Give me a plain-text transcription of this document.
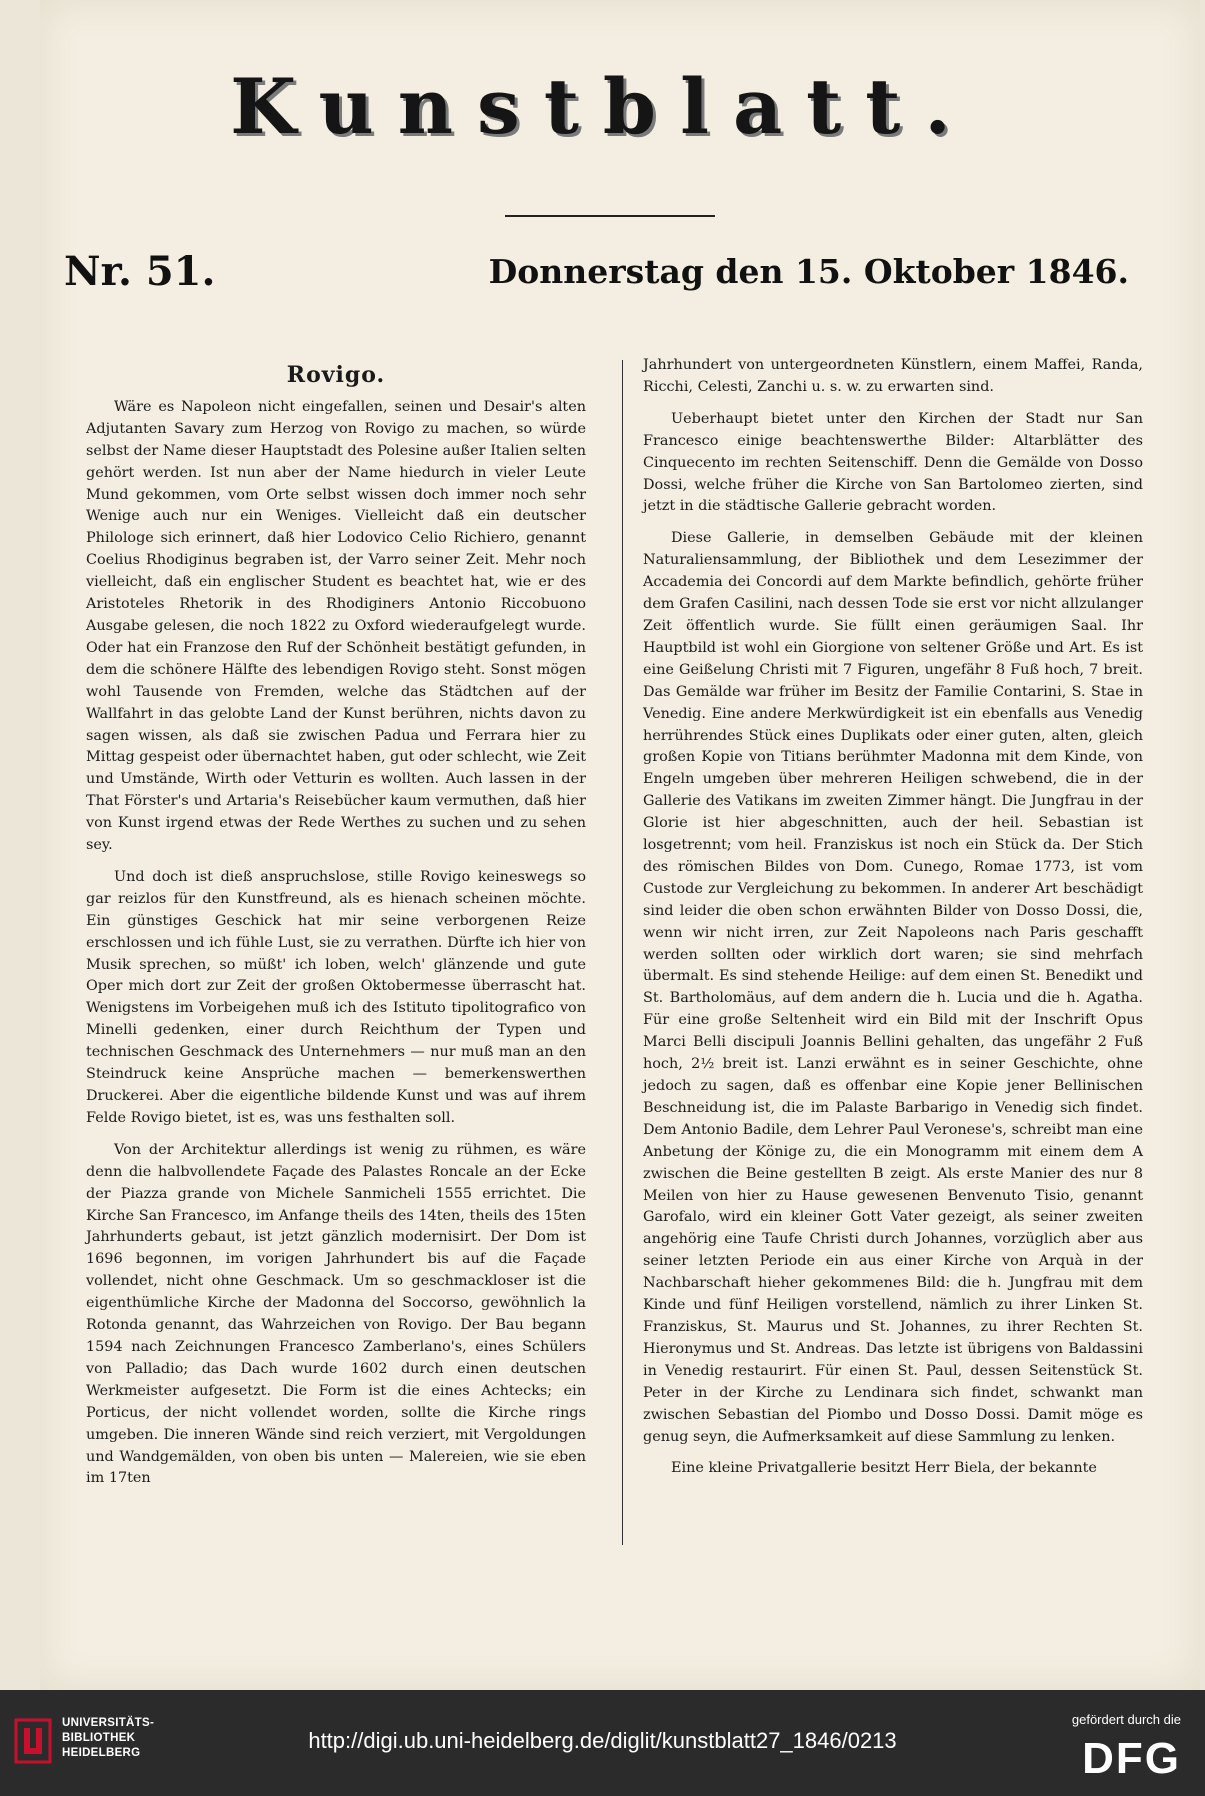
Kunstblatt.
Nr. 51.	Donnerstag den 15. Oktober 1846.
Rovigo.

Wäre es Napoleon nicht eingefallen, seinen und Desair's alten Adjutanten Savary zum Herzog von Rovigo zu machen, so würde selbst der Name dieser Hauptstadt des Polesine außer Italien selten gehört werden. Ist nun aber der Name hiedurch in vieler Leute Mund gekommen, vom Orte selbst wissen doch immer noch sehr Wenige auch nur ein Weniges. Vielleicht daß ein deutscher Philologe sich erinnert, daß hier Lodovico Celio Richiero, genannt Coelius Rhodiginus begraben ist, der Varro seiner Zeit. Mehr noch vielleicht, daß ein englischer Student es beachtet hat, wie er des Aristoteles Rhetorik in des Rhodiginers Antonio Riccobuono Ausgabe gelesen, die noch 1822 zu Oxford wiederaufgelegt wurde. Oder hat ein Franzose den Ruf der Schönheit bestätigt gefunden, in dem die schönere Hälfte des lebendigen Rovigo steht. Sonst mögen wohl Tausende von Fremden, welche das Städtchen auf der Wallfahrt in das gelobte Land der Kunst berühren, nichts davon zu sagen wissen, als daß sie zwischen Padua und Ferrara hier zu Mittag gespeist oder übernachtet haben, gut oder schlecht, wie Zeit und Umstände, Wirth oder Vetturin es wollten. Auch lassen in der That Förster's und Artaria's Reisebücher kaum vermuthen, daß hier von Kunst irgend etwas der Rede Werthes zu suchen und zu sehen sey.

Und doch ist dieß anspruchslose, stille Rovigo keineswegs so gar reizlos für den Kunstfreund, als es hienach scheinen möchte. Ein günstiges Geschick hat mir seine verborgenen Reize erschlossen und ich fühle Lust, sie zu verrathen. Dürfte ich hier von Musik sprechen, so müßt' ich loben, welch' glänzende und gute Oper mich dort zur Zeit der großen Oktobermesse überrascht hat. Wenigstens im Vorbeigehen muß ich des Istituto tipolitografico von Minelli gedenken, einer durch Reichthum der Typen und technischen Geschmack des Unternehmers — nur muß man an den Steindruck keine Ansprüche machen — bemerkenswerthen Druckerei. Aber die eigentliche bildende Kunst und was auf ihrem Felde Rovigo bietet, ist es, was uns festhalten soll.

Von der Architektur allerdings ist wenig zu rühmen, es wäre denn die halbvollendete Façade des Palastes Roncale an der Ecke der Piazza grande von Michele Sanmicheli 1555 errichtet. Die Kirche San Francesco, im Anfange theils des 14ten, theils des 15ten Jahrhunderts gebaut, ist jetzt gänzlich modernisirt. Der Dom ist 1696 begonnen, im vorigen Jahrhundert bis auf die Façade vollendet, nicht ohne Geschmack. Um so geschmackloser ist die eigenthümliche Kirche der Madonna del Soccorso, gewöhnlich la Rotonda genannt, das Wahrzeichen von Rovigo. Der Bau begann 1594 nach Zeichnungen Francesco Zamberlano's, eines Schülers von Palladio; das Dach wurde 1602 durch einen deutschen Werkmeister aufgesetzt. Die Form ist die eines Achtecks; ein Porticus, der nicht vollendet worden, sollte die Kirche rings umgeben. Die inneren Wände sind reich verziert, mit Vergoldungen und Wandgemälden, von oben bis unten — Malereien, wie sie eben im 17ten

Jahrhundert von untergeordneten Künstlern, einem Maffei, Randa, Ricchi, Celesti, Zanchi u. s. w. zu erwarten sind.

Ueberhaupt bietet unter den Kirchen der Stadt nur San Francesco einige beachtenswerthe Bilder: Altarblätter des Cinquecento im rechten Seitenschiff. Denn die Gemälde von Dosso Dossi, welche früher die Kirche von San Bartolomeo zierten, sind jetzt in die städtische Gallerie gebracht worden.

Diese Gallerie, in demselben Gebäude mit der kleinen Naturaliensammlung, der Bibliothek und dem Lesezimmer der Accademia dei Concordi auf dem Markte befindlich, gehörte früher dem Grafen Casilini, nach dessen Tode sie erst vor nicht allzulanger Zeit öffentlich wurde. Sie füllt einen geräumigen Saal. Ihr Hauptbild ist wohl ein Giorgione von seltener Größe und Art. Es ist eine Geißelung Christi mit 7 Figuren, ungefähr 8 Fuß hoch, 7 breit. Das Gemälde war früher im Besitz der Familie Contarini, S. Stae in Venedig. Eine andere Merkwürdigkeit ist ein ebenfalls aus Venedig herrührendes Stück eines Duplikats oder einer guten, alten, gleich großen Kopie von Titians berühmter Madonna mit dem Kinde, von Engeln umgeben über mehreren Heiligen schwebend, die in der Gallerie des Vatikans im zweiten Zimmer hängt. Die Jungfrau in der Glorie ist hier abgeschnitten, auch der heil. Sebastian ist losgetrennt; vom heil. Franziskus ist noch ein Stück da. Der Stich des römischen Bildes von Dom. Cunego, Romae 1773, ist vom Custode zur Vergleichung zu bekommen. In anderer Art beschädigt sind leider die oben schon erwähnten Bilder von Dosso Dossi, die, wenn wir nicht irren, zur Zeit Napoleons nach Paris geschafft werden sollten oder wirklich dort waren; sie sind mehrfach übermalt. Es sind stehende Heilige: auf dem einen St. Benedikt und St. Bartholomäus, auf dem andern die h. Lucia und die h. Agatha. Für eine große Seltenheit wird ein Bild mit der Inschrift Opus Marci Belli discipuli Joannis Bellini gehalten, das ungefähr 2 Fuß hoch, 2½ breit ist. Lanzi erwähnt es in seiner Geschichte, ohne jedoch zu sagen, daß es offenbar eine Kopie jener Bellinischen Beschneidung ist, die im Palaste Barbarigo in Venedig sich findet. Dem Antonio Badile, dem Lehrer Paul Veronese's, schreibt man eine Anbetung der Könige zu, die ein Monogramm mit einem dem A zwischen die Beine gestellten B zeigt. Als erste Manier des nur 8 Meilen von hier zu Hause gewesenen Benvenuto Tisio, genannt Garofalo, wird ein kleiner Gott Vater gezeigt, als seiner zweiten angehörig eine Taufe Christi durch Johannes, vorzüglich aber aus seiner letzten Periode ein aus einer Kirche von Arquà in der Nachbarschaft hieher gekommenes Bild: die h. Jungfrau mit dem Kinde und fünf Heiligen vorstellend, nämlich zu ihrer Linken St. Franziskus, St. Maurus und St. Johannes, zu ihrer Rechten St. Hieronymus und St. Andreas. Das letzte ist übrigens von Baldassini in Venedig restaurirt. Für einen St. Paul, dessen Seitenstück St. Peter in der Kirche zu Lendinara sich findet, schwankt man zwischen Sebastian del Piombo und Dosso Dossi. Damit möge es genug seyn, die Aufmerksamkeit auf diese Sammlung zu lenken.

Eine kleine Privatgallerie besitzt Herr Biela, der bekannte

UNIVERSITÄTS-
BIBLIOTHEK
HEIDELBERG	http://digi.ub.uni-heidelberg.de/diglit/kunstblatt27_1846/0213
gefördert durch die
DFG
